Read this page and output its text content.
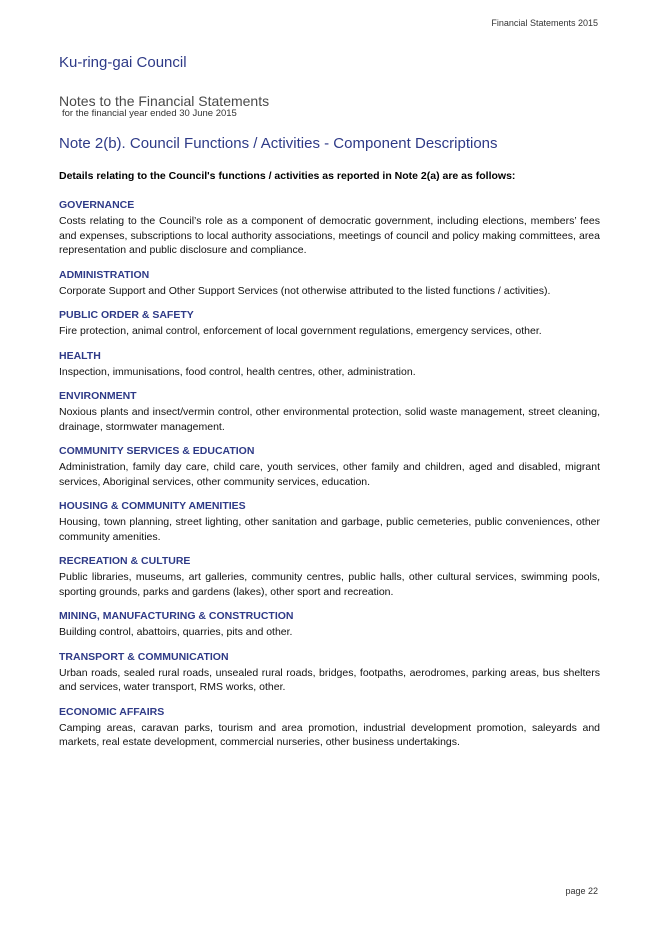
Financial Statements 2015
Ku-ring-gai Council
Notes to the Financial Statements
for the financial year ended 30 June 2015
Note 2(b). Council Functions / Activities - Component Descriptions
Details relating to the Council's functions / activities as reported in Note 2(a) are as follows:
GOVERNANCE
Costs relating to the Council’s role as a component of democratic government, including elections, members’ fees and expenses, subscriptions to local authority associations, meetings of council and policy making committees, area representation and public disclosure and compliance.
ADMINISTRATION
Corporate Support and Other Support Services (not otherwise attributed to the listed functions / activities).
PUBLIC ORDER & SAFETY
Fire protection, animal control, enforcement of local government regulations, emergency services, other.
HEALTH
Inspection, immunisations, food control, health centres, other, administration.
ENVIRONMENT
Noxious plants and insect/vermin control, other environmental protection, solid waste management, street cleaning, drainage, stormwater management.
COMMUNITY SERVICES & EDUCATION
Administration, family day care, child care, youth services, other family and children, aged and disabled, migrant services, Aboriginal services, other community services, education.
HOUSING & COMMUNITY AMENITIES
Housing, town planning, street lighting, other sanitation and garbage, public cemeteries, public conveniences, other community amenities.
RECREATION & CULTURE
Public libraries, museums, art galleries, community centres, public halls, other cultural services, swimming pools, sporting grounds, parks and gardens (lakes), other sport and recreation.
MINING, MANUFACTURING & CONSTRUCTION
Building control, abattoirs, quarries, pits and other.
TRANSPORT & COMMUNICATION
Urban roads, sealed rural roads, unsealed rural roads, bridges, footpaths, aerodromes, parking areas, bus shelters and services, water transport, RMS works, other.
ECONOMIC AFFAIRS
Camping areas, caravan parks, tourism and area promotion, industrial development promotion, saleyards and markets, real estate development, commercial nurseries, other business undertakings.
page 22
